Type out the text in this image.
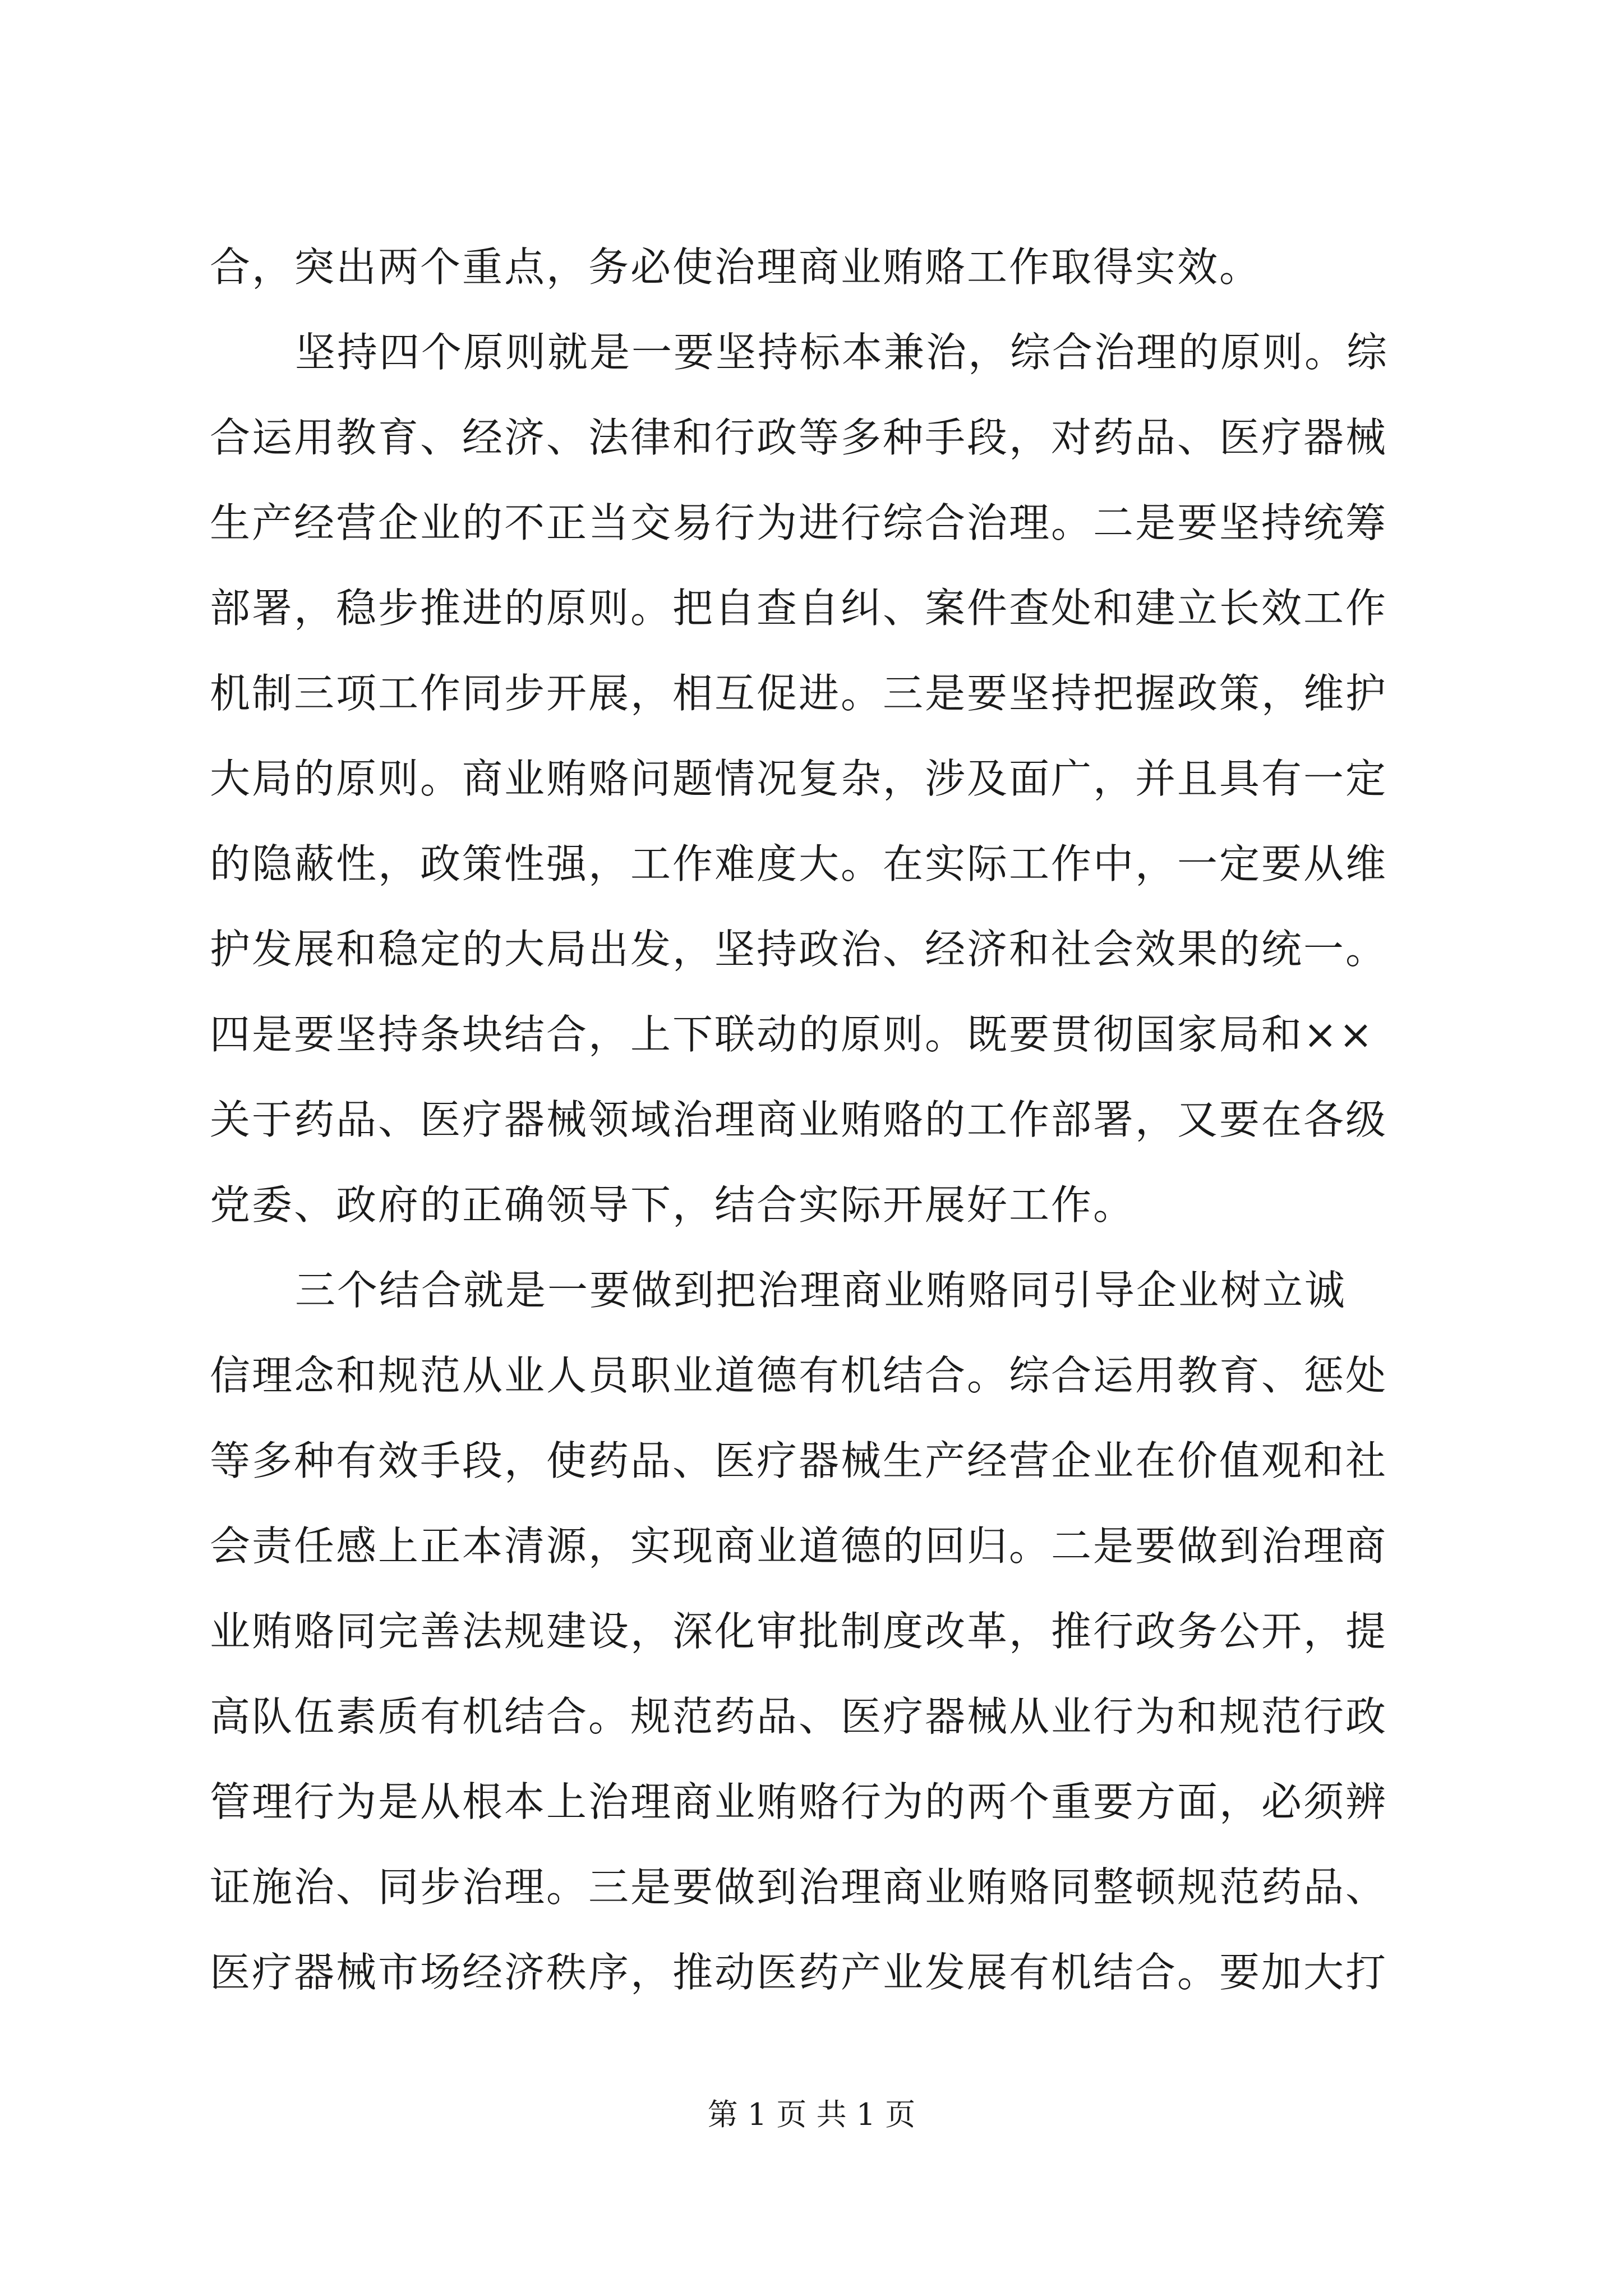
合，突出两个重点，务必使治理商业贿赂工作取得实效。
坚持四个原则就是一要坚持标本兼治，综合治理的原则。综
合运用教育、经济、法律和行政等多种手段，对药品、医疗器械
生产经营企业的不正当交易行为进行综合治理。二是要坚持统筹
部署，稳步推进的原则。把自查自纠、案件查处和建立长效工作
机制三项工作同步开展，相互促进。三是要坚持把握政策，维护
大局的原则。商业贿赂问题情况复杂，涉及面广，并且具有一定
的隐蔽性，政策性强，工作难度大。在实际工作中，一定要从维
护发展和稳定的大局出发，坚持政治、经济和社会效果的统一。
四是要坚持条块结合，上下联动的原则。既要贯彻国家局和××
关于药品、医疗器械领域治理商业贿赂的工作部署，又要在各级
党委、政府的正确领导下，结合实际开展好工作。
三个结合就是一要做到把治理商业贿赂同引导企业树立诚
信理念和规范从业人员职业道德有机结合。综合运用教育、惩处
等多种有效手段，使药品、医疗器械生产经营企业在价值观和社
会责任感上正本清源，实现商业道德的回归。二是要做到治理商
业贿赂同完善法规建设，深化审批制度改革，推行政务公开，提
高队伍素质有机结合。规范药品、医疗器械从业行为和规范行政
管理行为是从根本上治理商业贿赂行为的两个重要方面，必须辨
证施治、同步治理。三是要做到治理商业贿赂同整顿规范药品、
医疗器械市场经济秩序，推动医药产业发展有机结合。要加大打
第 1 页 共 1 页
